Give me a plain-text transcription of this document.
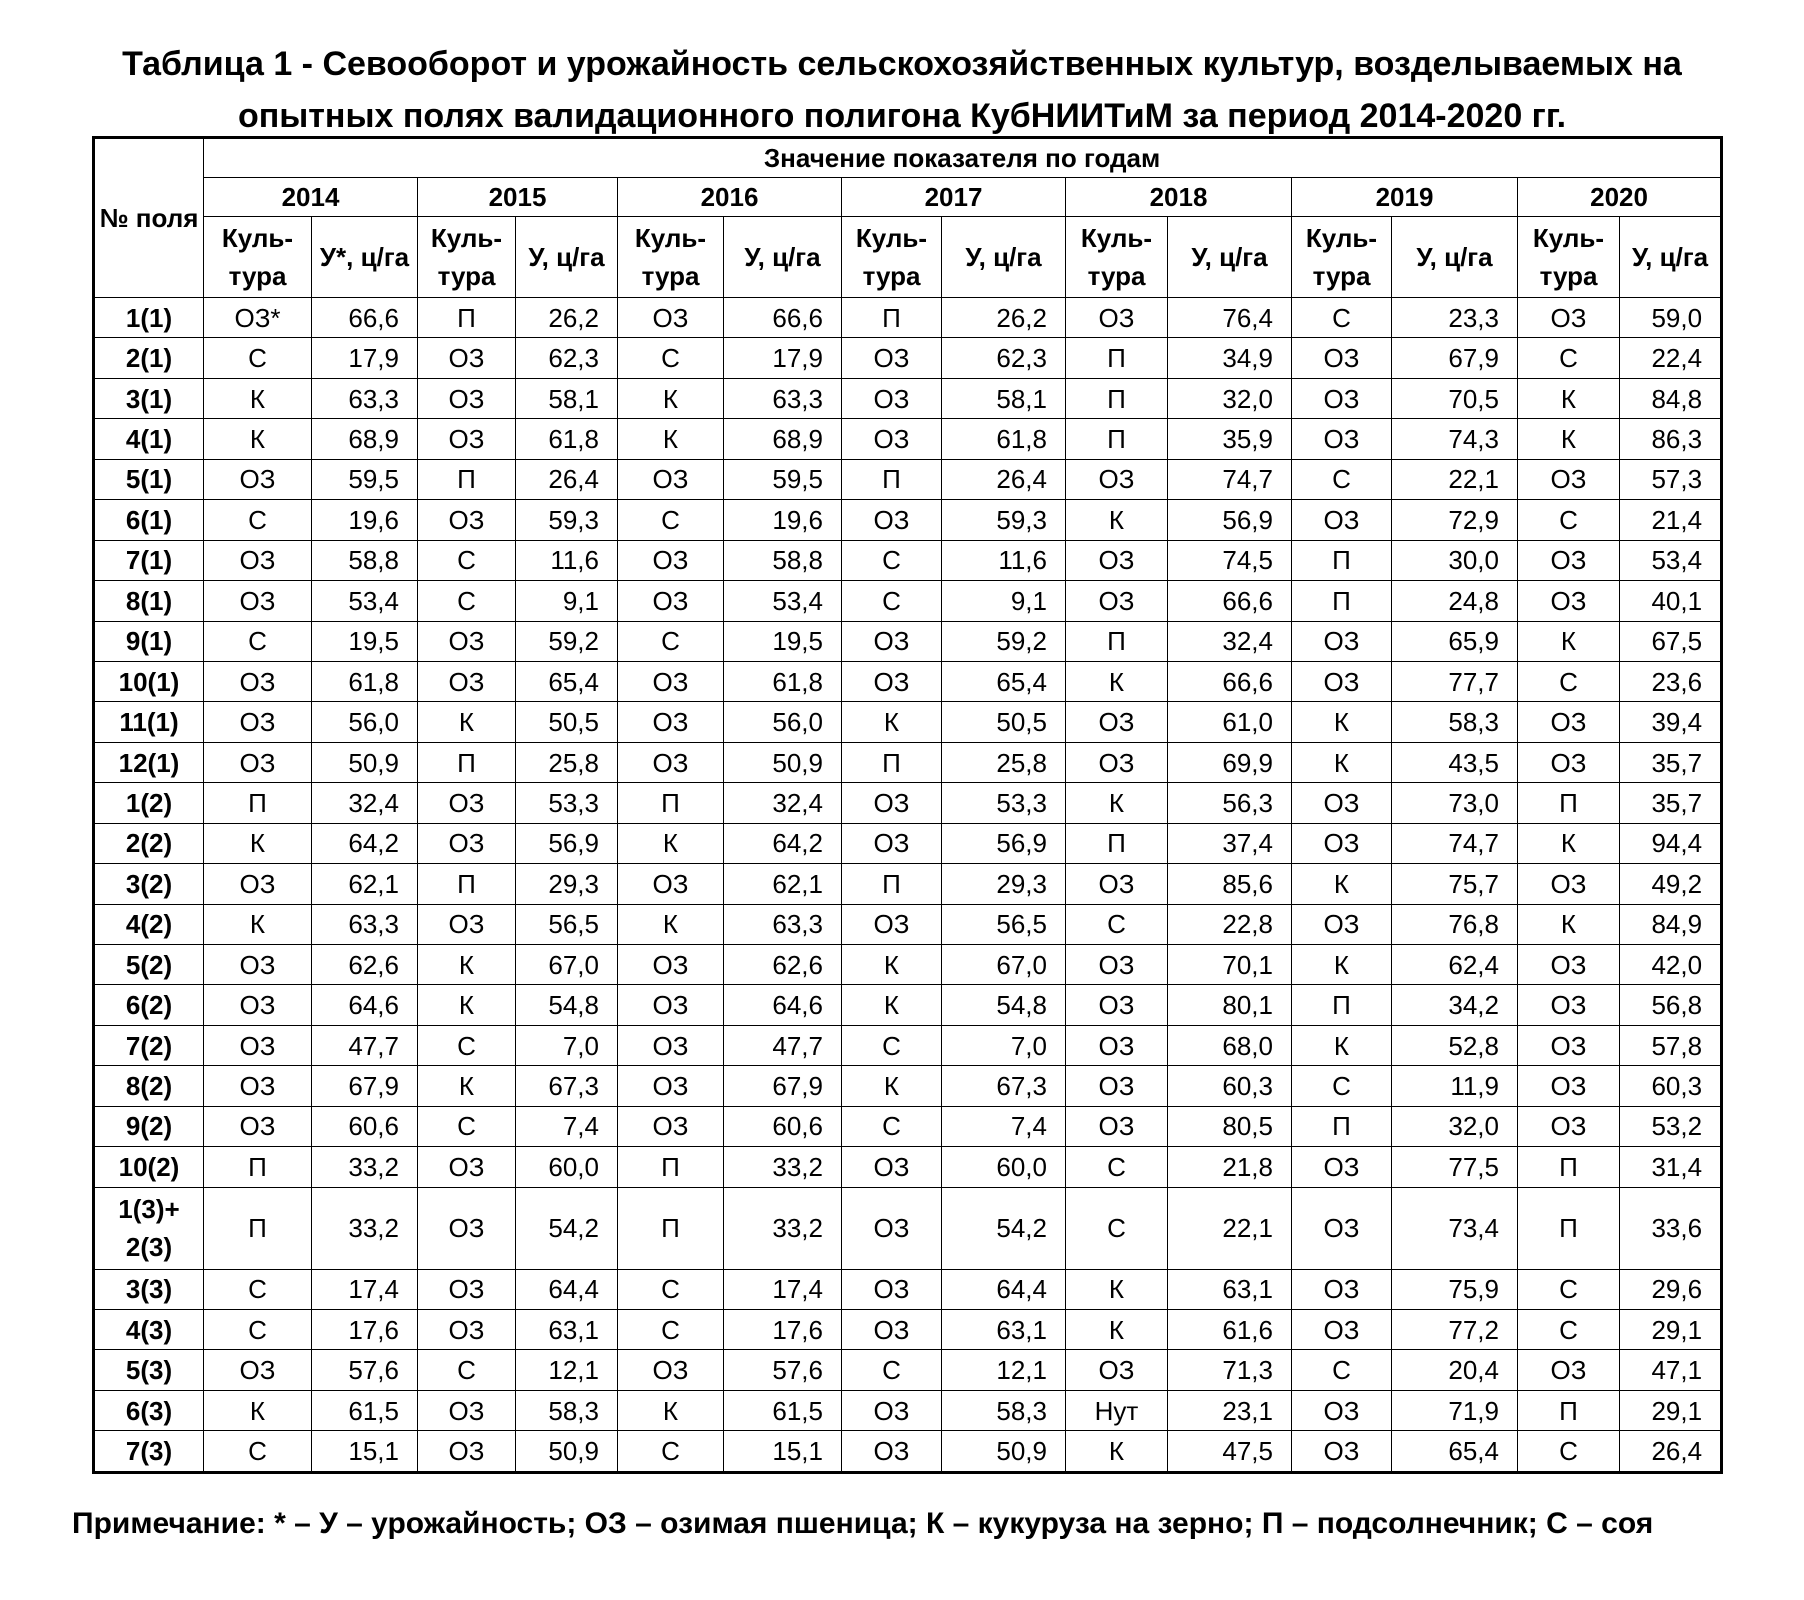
Таблица 1 - Севооборот и урожайность сельскохозяйственных культур, возделываемых на опытных полях валидационного полигона КубНИИТиМ за период 2014-2020 гг.
№ поля	Значение показателя по годам													
	2014		2015		2016		2017		2018		2019		2020	
	Куль-тура	У*, ц/га	Куль-тура	У, ц/га	Куль-тура	У, ц/га	Куль-тура	У, ц/га	Куль-тура	У, ц/га	Куль-тура	У, ц/га	Куль-тура	У, ц/га
1(1)	ОЗ*	66,6	П	26,2	ОЗ	66,6	П	26,2	ОЗ	76,4	С	23,3	ОЗ	59,0
2(1)	С	17,9	ОЗ	62,3	С	17,9	ОЗ	62,3	П	34,9	ОЗ	67,9	С	22,4
3(1)	К	63,3	ОЗ	58,1	К	63,3	ОЗ	58,1	П	32,0	ОЗ	70,5	К	84,8
4(1)	К	68,9	ОЗ	61,8	К	68,9	ОЗ	61,8	П	35,9	ОЗ	74,3	К	86,3
5(1)	ОЗ	59,5	П	26,4	ОЗ	59,5	П	26,4	ОЗ	74,7	С	22,1	ОЗ	57,3
6(1)	С	19,6	ОЗ	59,3	С	19,6	ОЗ	59,3	К	56,9	ОЗ	72,9	С	21,4
7(1)	ОЗ	58,8	С	11,6	ОЗ	58,8	С	11,6	ОЗ	74,5	П	30,0	ОЗ	53,4
8(1)	ОЗ	53,4	С	9,1	ОЗ	53,4	С	9,1	ОЗ	66,6	П	24,8	ОЗ	40,1
9(1)	С	19,5	ОЗ	59,2	С	19,5	ОЗ	59,2	П	32,4	ОЗ	65,9	К	67,5
10(1)	ОЗ	61,8	ОЗ	65,4	ОЗ	61,8	ОЗ	65,4	К	66,6	ОЗ	77,7	С	23,6
11(1)	ОЗ	56,0	К	50,5	ОЗ	56,0	К	50,5	ОЗ	61,0	К	58,3	ОЗ	39,4
12(1)	ОЗ	50,9	П	25,8	ОЗ	50,9	П	25,8	ОЗ	69,9	К	43,5	ОЗ	35,7
1(2)	П	32,4	ОЗ	53,3	П	32,4	ОЗ	53,3	К	56,3	ОЗ	73,0	П	35,7
2(2)	К	64,2	ОЗ	56,9	К	64,2	ОЗ	56,9	П	37,4	ОЗ	74,7	К	94,4
3(2)	ОЗ	62,1	П	29,3	ОЗ	62,1	П	29,3	ОЗ	85,6	К	75,7	ОЗ	49,2
4(2)	К	63,3	ОЗ	56,5	К	63,3	ОЗ	56,5	С	22,8	ОЗ	76,8	К	84,9
5(2)	ОЗ	62,6	К	67,0	ОЗ	62,6	К	67,0	ОЗ	70,1	К	62,4	ОЗ	42,0
6(2)	ОЗ	64,6	К	54,8	ОЗ	64,6	К	54,8	ОЗ	80,1	П	34,2	ОЗ	56,8
7(2)	ОЗ	47,7	С	7,0	ОЗ	47,7	С	7,0	ОЗ	68,0	К	52,8	ОЗ	57,8
8(2)	ОЗ	67,9	К	67,3	ОЗ	67,9	К	67,3	ОЗ	60,3	С	11,9	ОЗ	60,3
9(2)	ОЗ	60,6	С	7,4	ОЗ	60,6	С	7,4	ОЗ	80,5	П	32,0	ОЗ	53,2
10(2)	П	33,2	ОЗ	60,0	П	33,2	ОЗ	60,0	С	21,8	ОЗ	77,5	П	31,4
1(3)+ 2(3)	П	33,2	ОЗ	54,2	П	33,2	ОЗ	54,2	С	22,1	ОЗ	73,4	П	33,6
3(3)	С	17,4	ОЗ	64,4	С	17,4	ОЗ	64,4	К	63,1	ОЗ	75,9	С	29,6
4(3)	С	17,6	ОЗ	63,1	С	17,6	ОЗ	63,1	К	61,6	ОЗ	77,2	С	29,1
5(3)	ОЗ	57,6	С	12,1	ОЗ	57,6	С	12,1	ОЗ	71,3	С	20,4	ОЗ	47,1
6(3)	К	61,5	ОЗ	58,3	К	61,5	ОЗ	58,3	Нут	23,1	ОЗ	71,9	П	29,1
7(3)	С	15,1	ОЗ	50,9	С	15,1	ОЗ	50,9	К	47,5	ОЗ	65,4	С	26,4
Примечание: * – У – урожайность; ОЗ – озимая пшеница; К – кукуруза на зерно; П – подсолнечник; С – соя
